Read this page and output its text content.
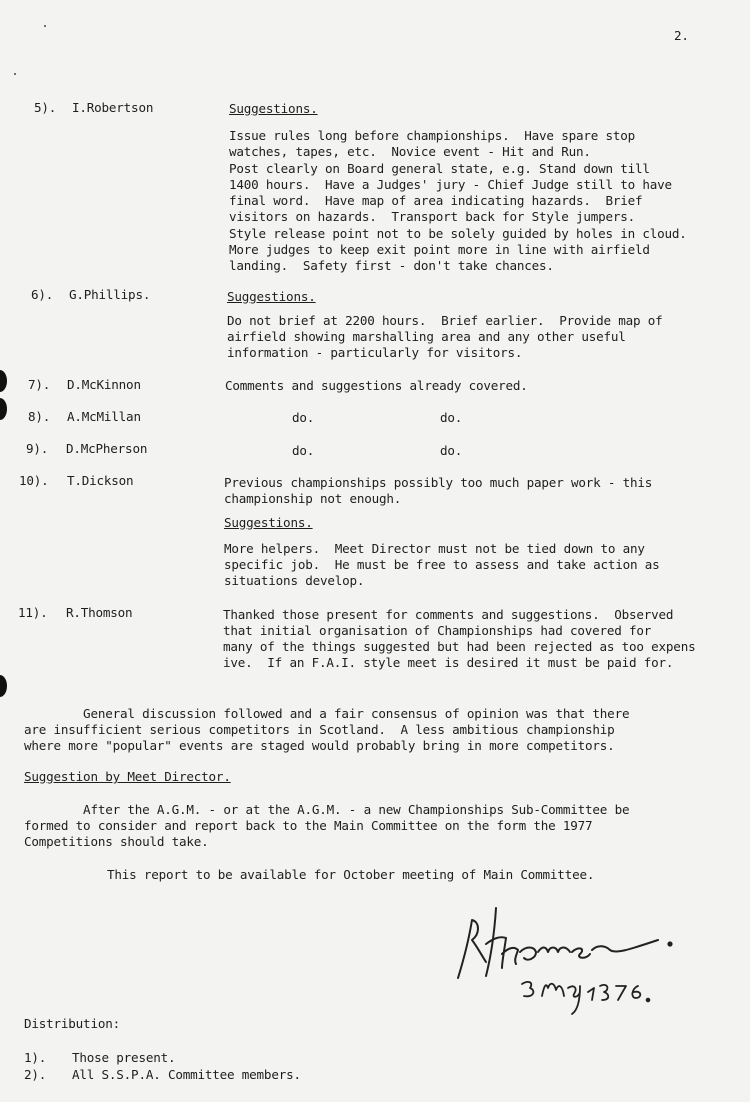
2.
5). I.Robertson	Suggestions.
Issue rules long before championships.  Have spare stop
watches, tapes, etc.  Novice event - Hit and Run.
Post clearly on Board general state, e.g. Stand down till
1400 hours.  Have a Judges' jury - Chief Judge still to have
final word.  Have map of area indicating hazards.  Brief
visitors on hazards.  Transport back for Style jumpers.
Style release point not to be solely guided by holes in cloud.
More judges to keep exit point more in line with airfield
landing.  Safety first - don't take chances.
6). G.Phillips.	Suggestions.
Do not brief at 2200 hours.  Brief earlier.  Provide map of
airfield showing marshalling area and any other useful
information - particularly for visitors.
7). D.McKinnon	Comments and suggestions already covered.
8). A.McMillan	do.	do.
9). D.McPherson	do.	do.
10). T.Dickson	Previous championships possibly too much paper work - this
championship not enough.
Suggestions.
More helpers.  Meet Director must not be tied down to any
specific job.  He must be free to assess and take action as
situations develop.
11). R.Thomson	Thanked those present for comments and suggestions.  Observed
that initial organisation of Championships had covered for
many of the things suggested but had been rejected as too expens
ive.  If an F.A.I. style meet is desired it must be paid for.
General discussion followed and a fair consensus of opinion was that there
are insufficient serious competitors in Scotland.  A less ambitious championship
where more "popular" events are staged would probably bring in more competitors.
Suggestion by Meet Director.
After the A.G.M. - or at the A.G.M. - a new Championships Sub-Committee be
formed to consider and report back to the Main Committee on the form the 1977
Competitions should take.
This report to be available for October meeting of Main Committee.
Distribution:
1). Those present.
2). All S.S.P.A. Committee members.
